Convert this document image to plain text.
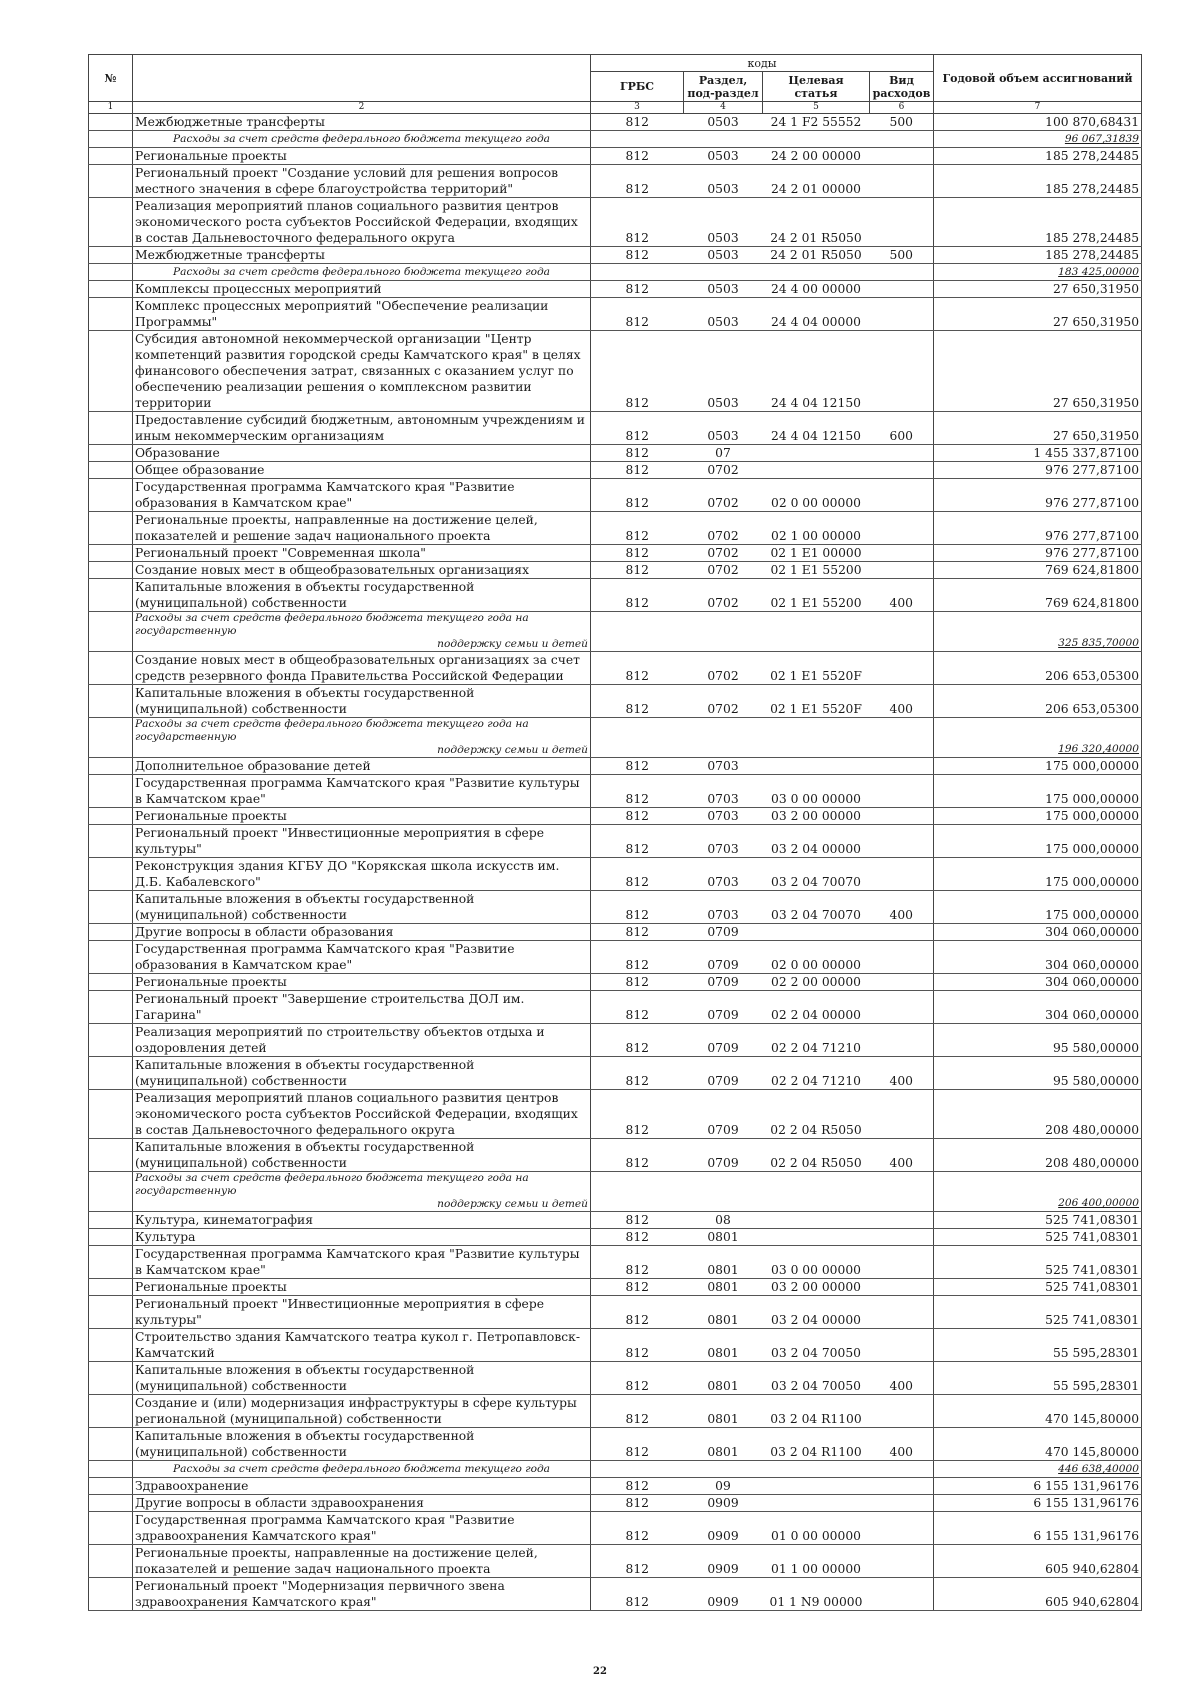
№		коды				Годовой объем ассигнований
		ГРБС	Раздел, под-раздел	Целевая статья	Вид расходов	
1	2	3	4	5	6	7
	Межбюджетные трансферты	812	0503	24 1 F2 55552	500	100 870,68431
	Расходы за счет средств федерального бюджета текущего года					96 067,31839
	Региональные проекты	812	0503	24 2 00 00000		185 278,24485
	Региональный проект "Создание условий для решения вопросов местного значения в сфере благоустройства территорий"	812	0503	24 2 01 00000		185 278,24485
	Реализация мероприятий планов социального развития центров экономического роста субъектов Российской Федерации, входящих в состав Дальневосточного федерального округа	812	0503	24 2 01 R5050		185 278,24485
	Межбюджетные трансферты	812	0503	24 2 01 R5050	500	185 278,24485
	Расходы за счет средств федерального бюджета текущего года					183 425,00000
	Комплексы процессных мероприятий	812	0503	24 4 00 00000		27 650,31950
	Комплекс процессных мероприятий "Обеспечение реализации Программы"	812	0503	24 4 04 00000		27 650,31950
	Субсидия автономной некоммерческой организации "Центр компетенций развития городской среды Камчатского края" в целях финансового обеспечения затрат, связанных с оказанием услуг по обеспечению реализации решения о комплексном развитии территории	812	0503	24 4 04 12150		27 650,31950
	Предоставление субсидий бюджетным, автономным учреждениям и иным некоммерческим организациям	812	0503	24 4 04 12150	600	27 650,31950
	Образование	812	07			1 455 337,87100
	Общее образование	812	0702			976 277,87100
	Государственная программа Камчатского края "Развитие образования в Камчатском крае"	812	0702	02 0 00 00000		976 277,87100
	Региональные проекты, направленные на достижение целей, показателей и решение задач национального проекта	812	0702	02 1 00 00000		976 277,87100
	Региональный проект "Современная школа"	812	0702	02 1 E1 00000		976 277,87100
	Создание новых мест в общеобразовательных организациях	812	0702	02 1 E1 55200		769 624,81800
	Капитальные вложения в объекты государственной (муниципальной) собственности	812	0702	02 1 E1 55200	400	769 624,81800

	Расходы за счет средств федерального бюджета текущего года на государственную
поддержку семьи и детей					325 835,70000
	Создание новых мест в общеобразовательных организациях за счет средств резервного фонда Правительства Российской Федерации	812	0702	02 1 E1 5520F		206 653,05300
	Капитальные вложения в объекты государственной (муниципальной) собственности	812	0702	02 1 E1 5520F	400	206 653,05300

	Расходы за счет средств федерального бюджета текущего года на государственную
поддержку семьи и детей					196 320,40000
	Дополнительное образование детей	812	0703			175 000,00000
	Государственная программа Камчатского края "Развитие культуры в Камчатском крае"	812	0703	03 0 00 00000		175 000,00000
	Региональные проекты	812	0703	03 2 00 00000		175 000,00000
	Региональный проект "Инвестиционные мероприятия в сфере культуры"	812	0703	03 2 04 00000		175 000,00000
	Реконструкция здания КГБУ ДО "Корякская школа искусств им. Д.Б. Кабалевского"	812	0703	03 2 04 70070		175 000,00000
	Капитальные вложения в объекты государственной (муниципальной) собственности	812	0703	03 2 04 70070	400	175 000,00000
	Другие вопросы в области образования	812	0709			304 060,00000
	Государственная программа Камчатского края "Развитие образования в Камчатском крае"	812	0709	02 0 00 00000		304 060,00000
	Региональные проекты	812	0709	02 2 00 00000		304 060,00000
	Региональный проект "Завершение строительства ДОЛ им. Гагарина"	812	0709	02 2 04 00000		304 060,00000
	Реализация мероприятий по строительству объектов отдыха и оздоровления детей	812	0709	02 2 04 71210		95 580,00000
	Капитальные вложения в объекты государственной (муниципальной) собственности	812	0709	02 2 04 71210	400	95 580,00000
	Реализация мероприятий планов социального развития центров экономического роста субъектов Российской Федерации, входящих в состав Дальневосточного федерального округа	812	0709	02 2 04 R5050		208 480,00000
	Капитальные вложения в объекты государственной (муниципальной) собственности	812	0709	02 2 04 R5050	400	208 480,00000

	Расходы за счет средств федерального бюджета текущего года на государственную
поддержку семьи и детей					206 400,00000
	Культура, кинематография	812	08			525 741,08301
	Культура	812	0801			525 741,08301
	Государственная программа Камчатского края "Развитие культуры в Камчатском крае"	812	0801	03 0 00 00000		525 741,08301
	Региональные проекты	812	0801	03 2 00 00000		525 741,08301
	Региональный проект "Инвестиционные мероприятия в сфере культуры"	812	0801	03 2 04 00000		525 741,08301
	Строительство здания Камчатского театра кукол г. Петропавловск-Камчатский	812	0801	03 2 04 70050		55 595,28301
	Капитальные вложения в объекты государственной (муниципальной) собственности	812	0801	03 2 04 70050	400	55 595,28301
	Создание и (или) модернизация инфраструктуры в сфере культуры региональной (муниципальной) собственности	812	0801	03 2 04 R1100		470 145,80000
	Капитальные вложения в объекты государственной (муниципальной) собственности	812	0801	03 2 04 R1100	400	470 145,80000
	Расходы за счет средств федерального бюджета текущего года					446 638,40000
	Здравоохранение	812	09			6 155 131,96176
	Другие вопросы в области здравоохранения	812	0909			6 155 131,96176
	Государственная программа Камчатского края "Развитие здравоохранения Камчатского края"	812	0909	01 0 00 00000		6 155 131,96176
	Региональные проекты, направленные на достижение целей, показателей и решение задач национального проекта	812	0909	01 1 00 00000		605 940,62804
	Региональный проект "Модернизация первичного звена здравоохранения Камчатского края"	812	0909	01 1 N9 00000		605 940,62804
22
